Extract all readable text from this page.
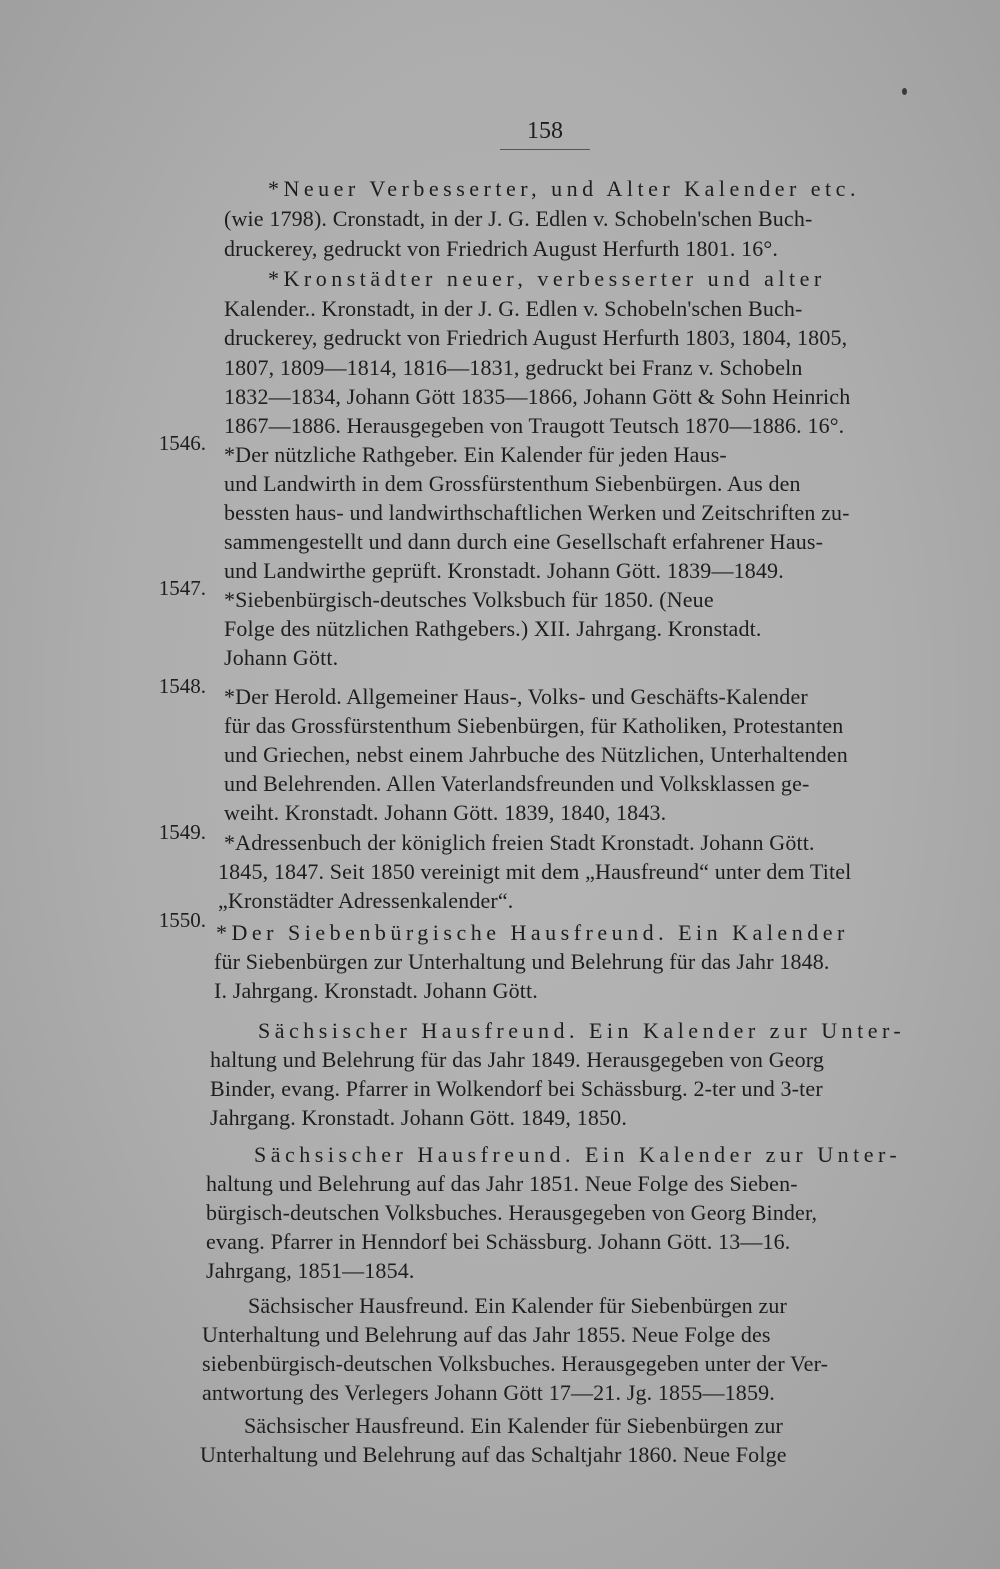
158
*Neuer Verbesserter, und Alter Kalender etc.
(wie 1798). Cronstadt, in der J. G. Edlen v. Schobeln'schen Buch-
druckerey, gedruckt von Friedrich August Herfurth 1801. 16°.
*Kronstädter neuer, verbesserter und alter
Kalender.. Kronstadt, in der J. G. Edlen v. Schobeln'schen Buch-
druckerey, gedruckt von Friedrich August Herfurth 1803, 1804, 1805,
1807, 1809—1814, 1816—1831, gedruckt bei Franz v. Schobeln
1832—1834, Johann Gött 1835—1866, Johann Gött & Sohn Heinrich
1867—1886. Herausgegeben von Traugott Teutsch 1870—1886. 16°.
1546. *Der nützliche Rathgeber. Ein Kalender für jeden Haus-
und Landwirth in dem Grossfürstenthum Siebenbürgen. Aus den
bessten haus- und landwirthschaftlichen Werken und Zeitschriften zu-
sammengestellt und dann durch eine Gesellschaft erfahrener Haus-
und Landwirthe geprüft. Kronstadt. Johann Gött. 1839—1849.
1547. *Siebenbürgisch-deutsches Volksbuch für 1850. (Neue
Folge des nützlichen Rathgebers.) XII. Jahrgang. Kronstadt.
Johann Gött.
1548. *Der Herold. Allgemeiner Haus-, Volks- und Geschäfts-Kalender
für das Grossfürstenthum Siebenbürgen, für Katholiken, Protestanten
und Griechen, nebst einem Jahrbuche des Nützlichen, Unterhaltenden
und Belehrenden. Allen Vaterlandsfreunden und Volksklassen ge-
weiht. Kronstadt. Johann Gött. 1839, 1840, 1843.
1549. *Adressenbuch der königlich freien Stadt Kronstadt. Johann Gött.
1845, 1847. Seit 1850 vereinigt mit dem „Hausfreund“ unter dem Titel
„Kronstädter Adressenkalender“.
1550. *Der Siebenbürgische Hausfreund. Ein Kalender
für Siebenbürgen zur Unterhaltung und Belehrung für das Jahr 1848.
I. Jahrgang. Kronstadt. Johann Gött.
Sächsischer Hausfreund. Ein Kalender zur Unter-
haltung und Belehrung für das Jahr 1849. Herausgegeben von Georg
Binder, evang. Pfarrer in Wolkendorf bei Schässburg. 2-ter und 3-ter
Jahrgang. Kronstadt. Johann Gött. 1849, 1850.
Sächsischer Hausfreund. Ein Kalender zur Unter-
haltung und Belehrung auf das Jahr 1851. Neue Folge des Sieben-
bürgisch-deutschen Volksbuches. Herausgegeben von Georg Binder,
evang. Pfarrer in Henndorf bei Schässburg. Johann Gött. 13—16.
Jahrgang, 1851—1854.
Sächsischer Hausfreund. Ein Kalender für Siebenbürgen zur
Unterhaltung und Belehrung auf das Jahr 1855. Neue Folge des
siebenbürgisch-deutschen Volksbuches. Herausgegeben unter der Ver-
antwortung des Verlegers Johann Gött 17—21. Jg. 1855—1859.
Sächsischer Hausfreund. Ein Kalender für Siebenbürgen zur
Unterhaltung und Belehrung auf das Schaltjahr 1860. Neue Folge
